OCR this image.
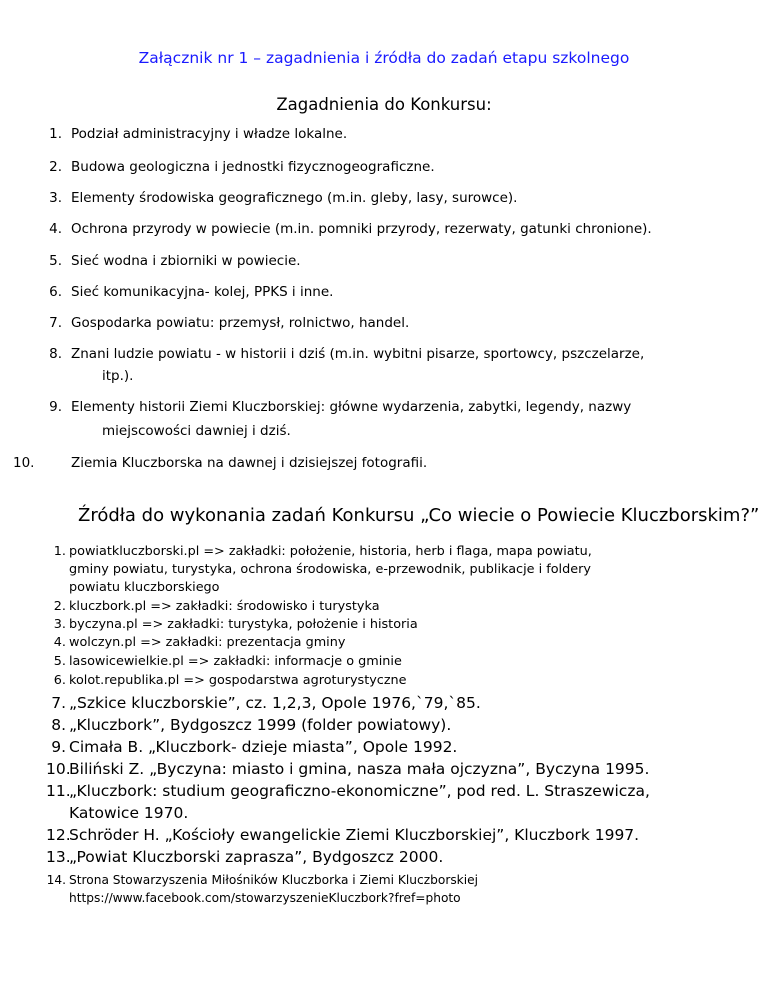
Załącznik nr 1 – zagadnienia i źródła do zadań etapu szkolnego
Zagadnienia do Konkursu:
1. Podział administracyjny i władze lokalne.
2. Budowa geologiczna i jednostki fizycznogeograficzne.
3. Elementy środowiska geograficznego (m.in. gleby, lasy, surowce).
4. Ochrona przyrody w powiecie (m.in. pomniki przyrody, rezerwaty, gatunki chronione).
5. Sieć wodna i zbiorniki w powiecie.
6. Sieć komunikacyjna- kolej, PPKS i inne.
7. Gospodarka powiatu: przemysł, rolnictwo, handel.
8. Znani ludzie powiatu - w historii i dziś (m.in. wybitni pisarze, sportowcy, pszczelarze,
itp.).
9. Elementy historii Ziemi Kluczborskiej: główne wydarzenia, zabytki, legendy, nazwy
miejscowości dawniej i dziś.
10.	Ziemia Kluczborska na dawnej i dzisiejszej fotografii.
Źródła do wykonania zadań Konkursu „Co wiecie o Powiecie Kluczborskim?”
1. powiatkluczborski.pl => zakładki: położenie, historia, herb i flaga, mapa powiatu,
gminy powiatu, turystyka, ochrona środowiska, e-przewodnik, publikacje i foldery
powiatu kluczborskiego
2. kluczbork.pl => zakładki: środowisko i turystyka
3. byczyna.pl => zakładki: turystyka, położenie i historia
4. wolczyn.pl => zakładki: prezentacja gminy
5. lasowicewielkie.pl => zakładki: informacje o gminie
6. kolot.republika.pl => gospodarstwa agroturystyczne
7. „Szkice kluczborskie”, cz. 1,2,3, Opole 1976,`79,`85.
8. „Kluczbork”, Bydgoszcz 1999 (folder powiatowy).
9. Cimała B. „Kluczbork- dzieje miasta”, Opole 1992.
10.
Biliński Z. „Byczyna: miasto i gmina, nasza mała ojczyzna”, Byczyna 1995.
11.
„Kluczbork: studium geograficzno-ekonomiczne”, pod red. L. Straszewicza,
Katowice 1970.
12.
Schröder H. „Kościoły ewangelickie Ziemi Kluczborskiej”, Kluczbork 1997.
13.
„Powiat Kluczborski zaprasza”, Bydgoszcz 2000.
14. Strona Stowarzyszenia Miłośników Kluczborka i Ziemi Kluczborskiej
https://www.facebook.com/stowarzyszenieKluczbork?fref=photo
